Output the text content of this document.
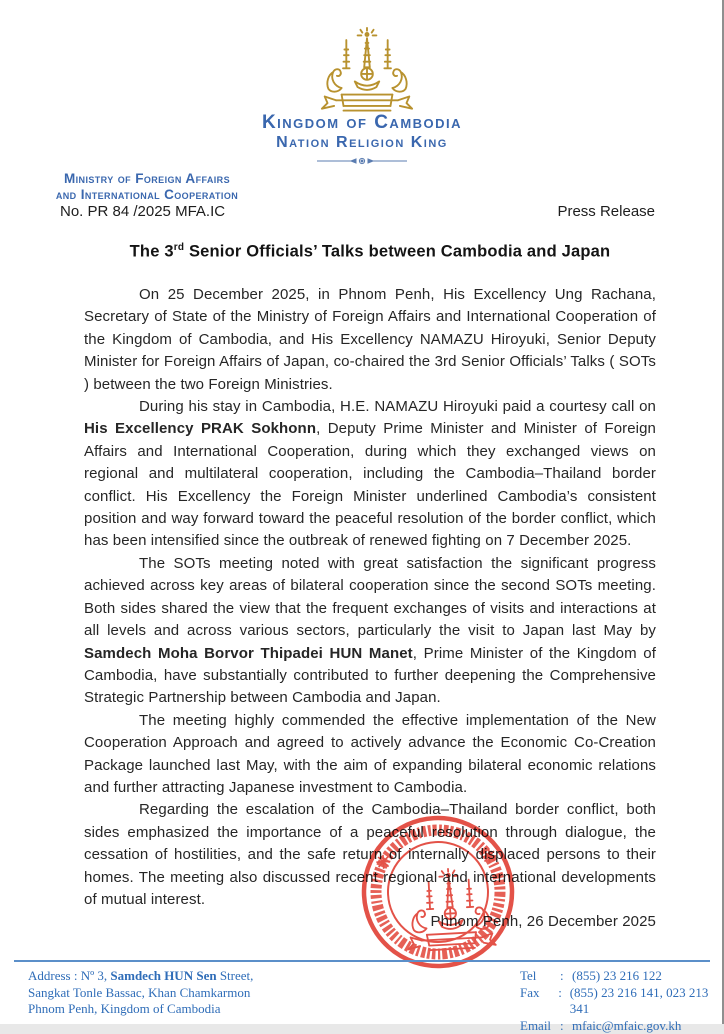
Kingdom of Cambodia
Nation Religion King
Ministry of Foreign Affairs
and International Cooperation
No. PR 84 /2025 MFA.IC	Press Release
The 3rd Senior Officials’ Talks between Cambodia and Japan

On 25 December 2025, in Phnom Penh, His Excellency Ung Rachana, Secretary of State of the Ministry of Foreign Affairs and International Cooperation of the Kingdom of Cambodia, and His Excellency NAMAZU Hiroyuki, Senior Deputy Minister for Foreign Affairs of Japan, co-chaired the 3rd Senior Officials’ Talks ( SOTs ) between the two Foreign Ministries.

During his stay in Cambodia, H.E. NAMAZU Hiroyuki paid a courtesy call on His Excellency PRAK Sokhonn, Deputy Prime Minister and Minister of Foreign Affairs and International Cooperation, during which they exchanged views on regional and multilateral cooperation, including the Cambodia–Thailand border conflict. His Excellency the Foreign Minister underlined Cambodia’s consistent position and way forward toward the peaceful resolution of the border conflict, which has been intensified since the outbreak of renewed fighting on 7 December 2025.

The SOTs meeting noted with great satisfaction the significant progress achieved across key areas of bilateral cooperation since the second SOTs meeting. Both sides shared the view that the frequent exchanges of visits and interactions at all levels and across various sectors, particularly the visit to Japan last May by Samdech Moha Borvor Thipadei HUN Manet, Prime Minister of the Kingdom of Cambodia, have substantially contributed to further deepening the Comprehensive Strategic Partnership between Cambodia and Japan.

The meeting highly commended the effective implementation of the New Cooperation Approach and agreed to actively advance the Economic Co-Creation Package launched last May, with the aim of expanding bilateral economic relations and further attracting Japanese investment to Cambodia.

Regarding the escalation of the Cambodia–Thailand border conflict, both sides emphasized the importance of a peaceful resolution through dialogue, the cessation of hostilities, and the safe return of internally displaced persons to their homes. The meeting also discussed recent regional and international developments of mutual interest.

Phnom Penh, 26 December 2025

Address : Nº 3, Samdech HUN Sen Street,
Sangkat Tonle Bassac, Khan Chamkarmon
Phnom Penh, Kingdom of Cambodia
Tel	: (855) 23 216 122
Fax	: (855) 23 216 141, 023 213 341
Email : mfaic@mfaic.gov.kh
